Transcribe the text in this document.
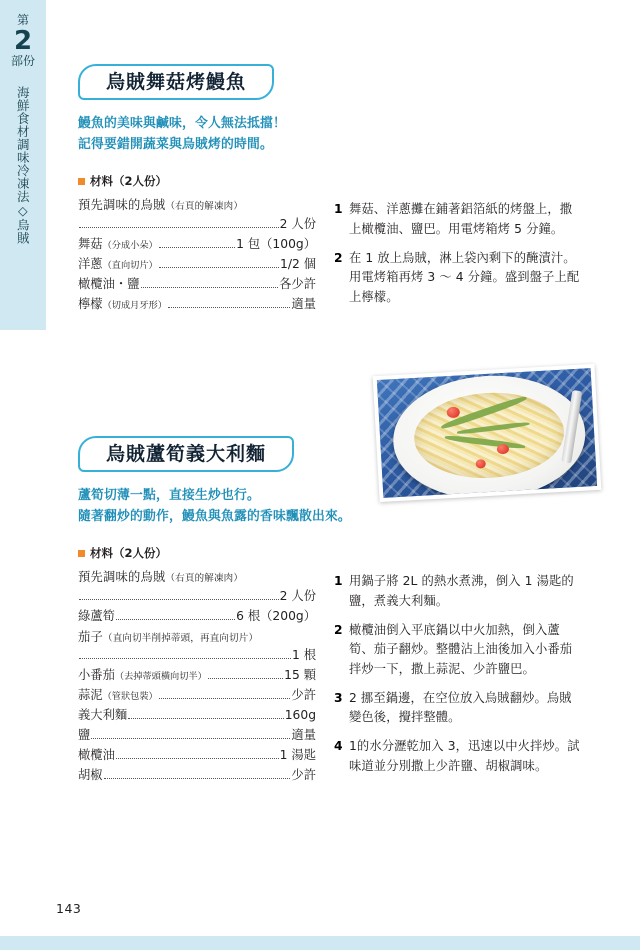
第
2
部份
海鮮食材調味冷凍法◇烏賊
烏賊舞菇烤鰻魚
鰻魚的美味與鹹味，令人無法抵擋！
記得要錯開蔬菜與烏賊烤的時間。
材料（2人份）
預先調味的烏賊（右頁的解凍肉）
2 人份
舞菇（分成小朵）	1 包（100g）
洋蔥（直向切片）	1/2 個
橄欖油・鹽	各少許
檸檬（切成月牙形）	適量
1 舞菇、洋蔥攤在鋪著鋁箔紙的烤盤上，撒上橄欖油、鹽巴。用電烤箱烤 5 分鐘。
2 在 1 放上烏賊，淋上袋內剩下的醃漬汁。用電烤箱再烤 3 ～ 4 分鐘。盛到盤子上配上檸檬。
烏賊蘆筍義大利麵
蘆筍切薄一點，直接生炒也行。
隨著翻炒的動作，鰻魚與魚露的香味飄散出來。
材料（2人份）
預先調味的烏賊（右頁的解凍肉）
2 人份
綠蘆筍	6 根（200g）
茄子（直向切半削掉蒂頭，再直向切片）
1 根
小番茄（去掉蒂頭橫向切半）	15 顆
蒜泥（管狀包裝）	少許
義大利麵	160g
鹽	適量
橄欖油	1 湯匙
胡椒	少許
1 用鍋子將 2L 的熱水煮沸，倒入 1 湯匙的鹽，煮義大利麵。
2 橄欖油倒入平底鍋以中火加熱，倒入蘆筍、茄子翻炒。整體沾上油後加入小番茄拌炒一下，撒上蒜泥、少許鹽巴。
3 2 挪至鍋邊，在空位放入烏賊翻炒。烏賊變色後，攪拌整體。
4 1的水分瀝乾加入 3，迅速以中火拌炒。試味道並分別撒上少許鹽、胡椒調味。
143
